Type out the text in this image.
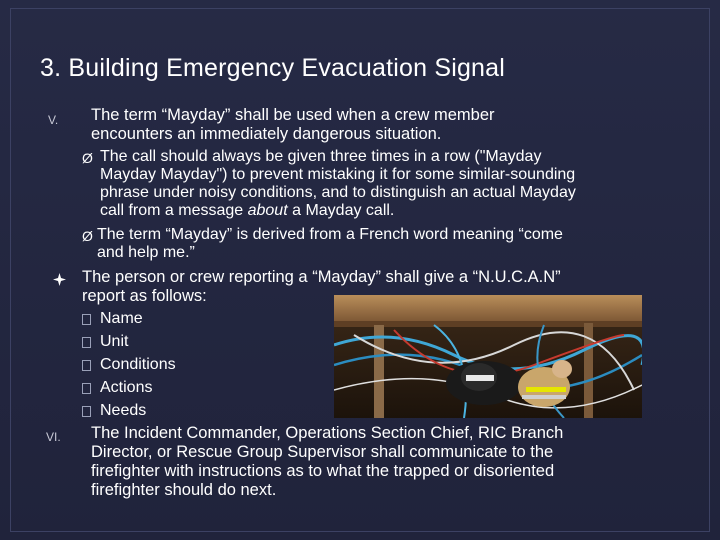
3. Building Emergency Evacuation Signal
V. The term “Mayday” shall be used when a crew member
encounters an immediately dangerous situation.
Ø The call should always be given three times in a row ("Mayday
Mayday Mayday") to prevent mistaking it for some similar-sounding
phrase under noisy conditions, and to distinguish an actual Mayday
call from a message about a Mayday call.
Ø The term “Mayday” is derived from a French word meaning “come
and help me.”
The person or crew reporting a “Mayday” shall give a “N.U.C.A.N”
report as follows:
Name
Unit
Conditions
Actions
Needs
VI. The Incident Commander, Operations Section Chief, RIC Branch
Director, or Rescue Group Supervisor shall communicate to the
firefighter with instructions as to what the trapped or disoriented
firefighter should do next.
